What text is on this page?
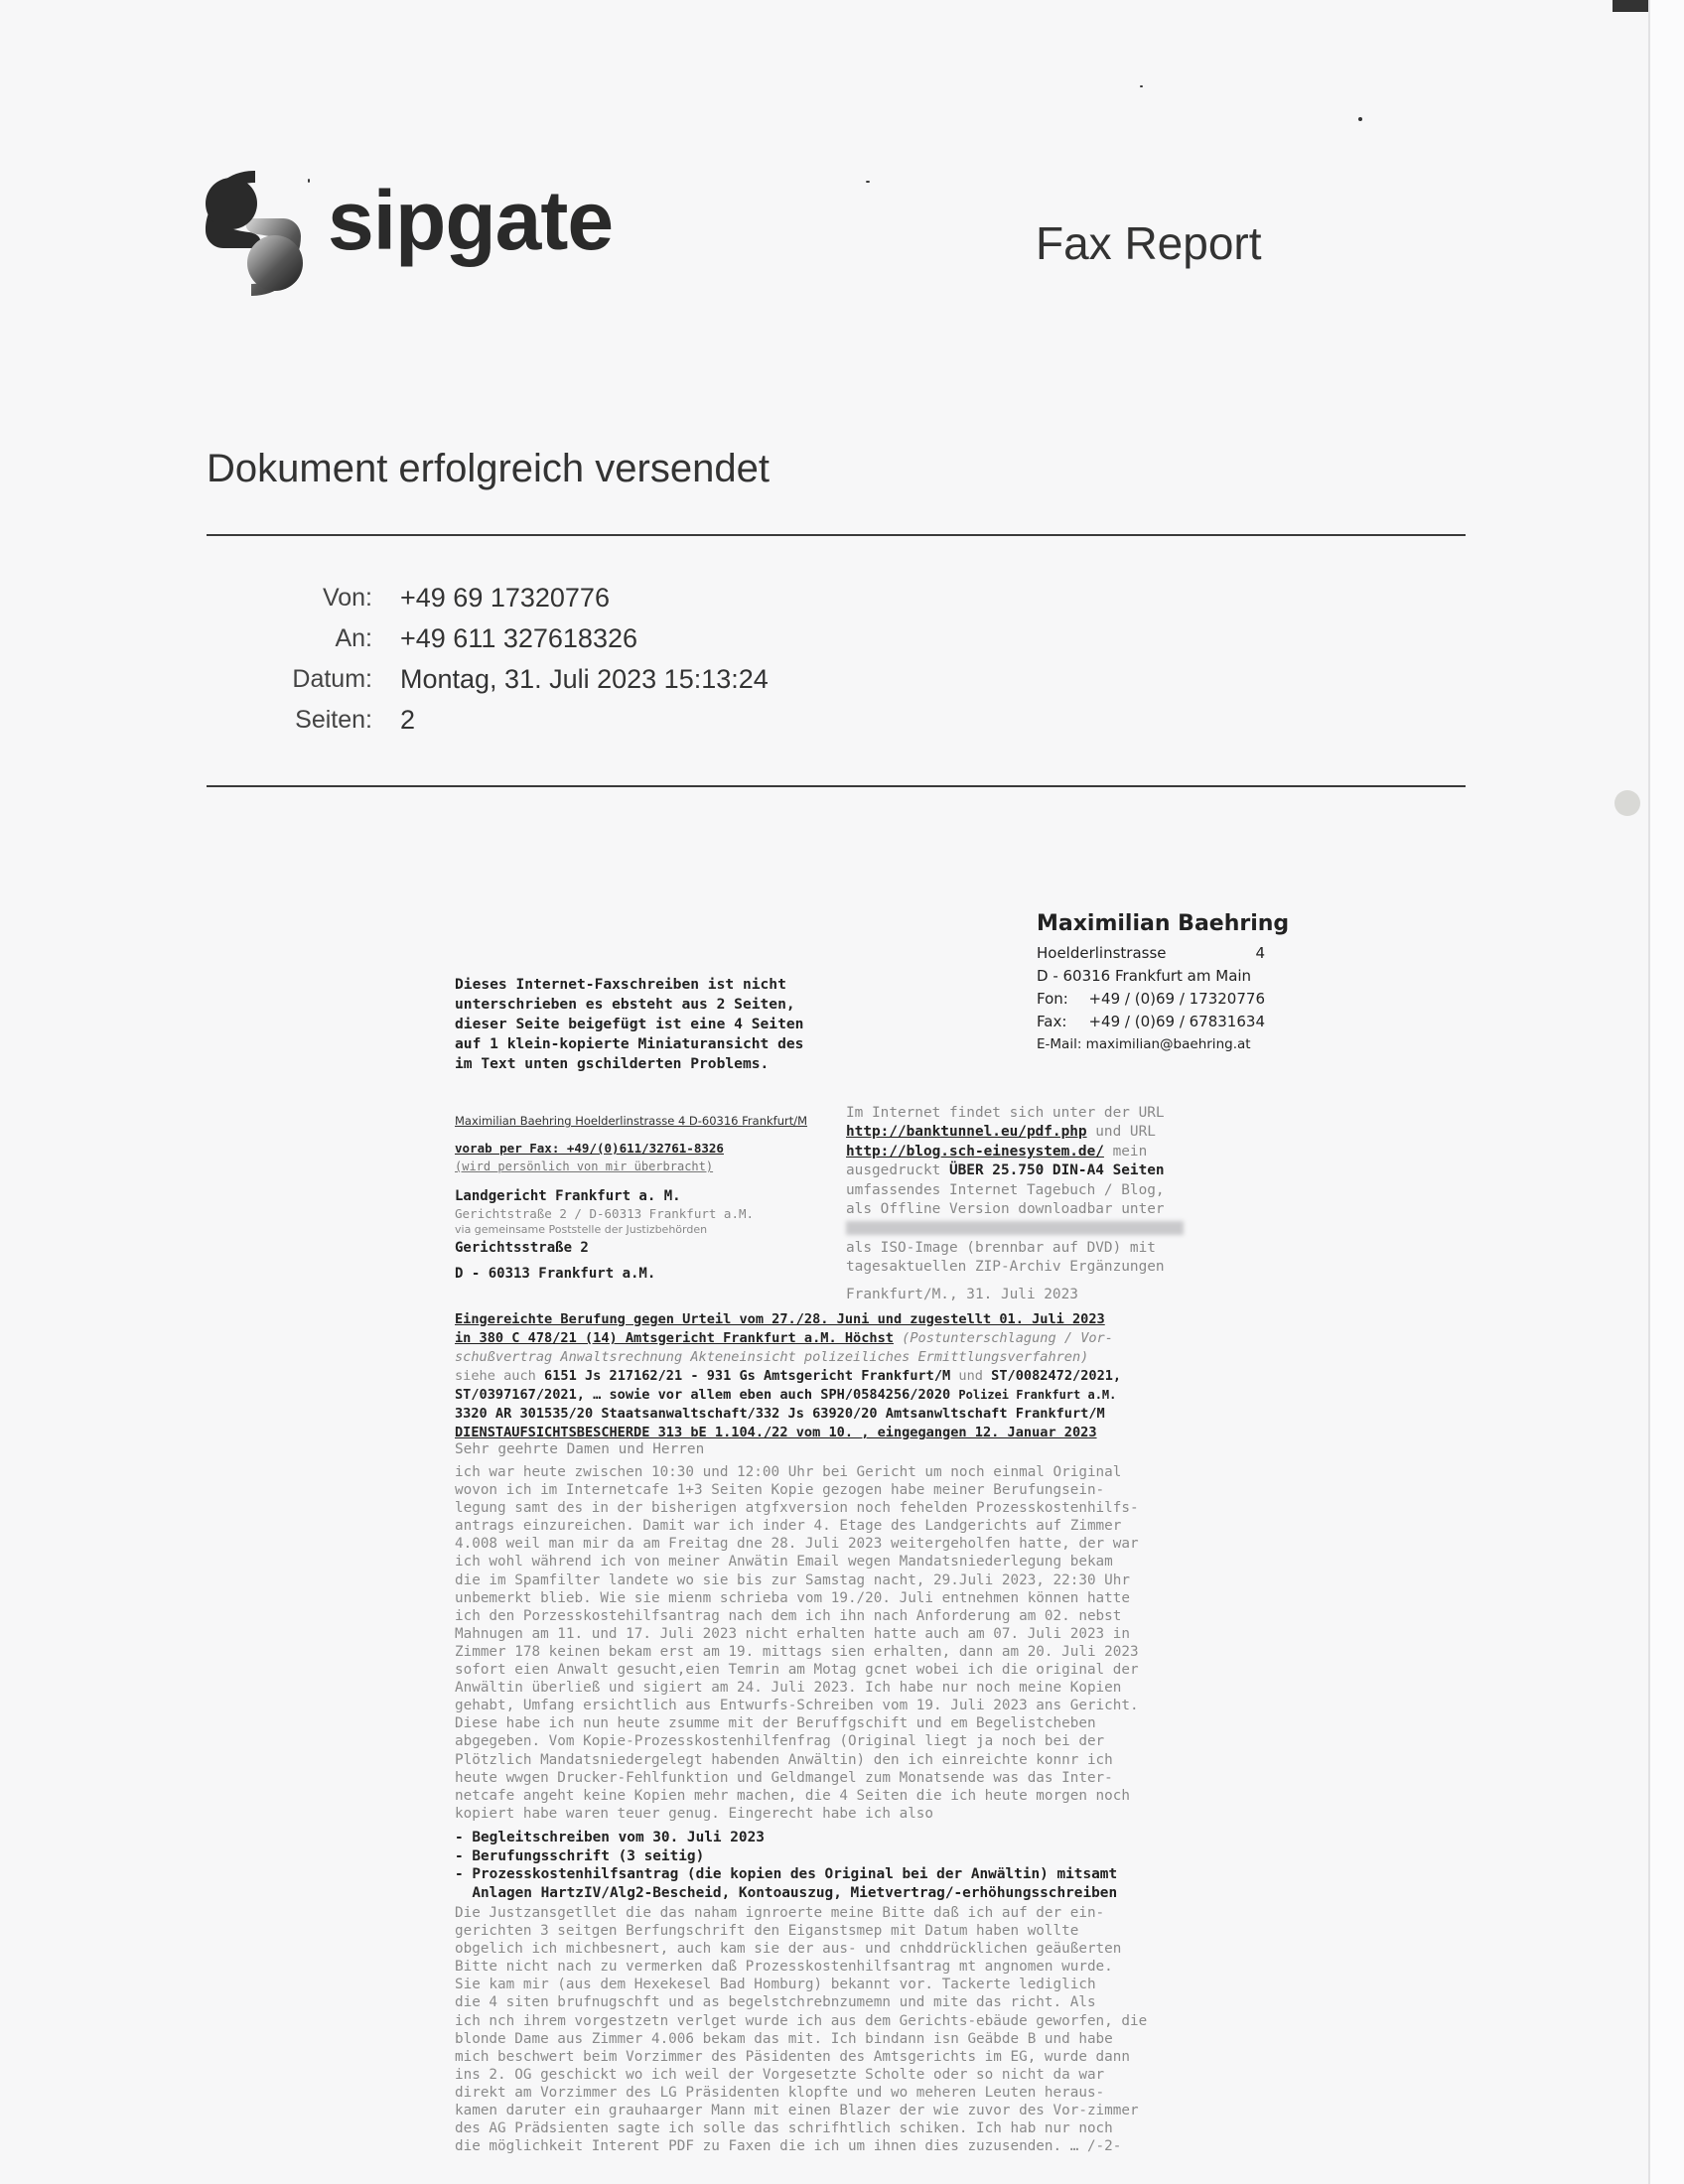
sipgate	Fax Report
Dokument erfolgreich versendet
Von: +49 69 17320776
An: +49 611 327618326
Datum: Montag, 31. Juli 2023 15:13:24
Seiten: 2
Maximilian Baehring
Hoelderlinstrasse	4
D - 60316 Frankfurt am Main
Fon: +49 / (0)69 / 17320776
Fax: +49 / (0)69 / 67831634
E-Mail: maximilian@baehring.at
Dieses Internet-Faxschreiben ist nicht
unterschrieben es ebsteht aus 2 Seiten,
dieser Seite beigefügt ist eine 4 Seiten
auf 1 klein-kopierte Miniaturansicht des
im Text unten gschilderten Problems.
Maximilian Baehring Hoelderlinstrasse 4 D-60316 Frankfurt/M
vorab per Fax: +49/(0)611/32761-8326
(wird persönlich von mir überbracht)
Landgericht Frankfurt a. M.
Gerichtstraße 2 / D-60313 Frankfurt a.M.
via gemeinsame Poststelle der Justizbehörden
Gerichtsstraße 2
D - 60313 Frankfurt a.M.
Im Internet findet sich unter der URL
http://banktunnel.eu/pdf.php und URL
http://blog.sch-einesystem.de/ mein
ausgedruckt ÜBER 25.750 DIN-A4 Seiten
umfassendes Internet Tagebuch / Blog,
als Offline Version downloadbar unter
als ISO-Image (brennbar auf DVD) mit
tagesaktuellen ZIP-Archiv Ergänzungen
Frankfurt/M., 31. Juli 2023
Eingereichte Berufung gegen Urteil vom 27./28. Juni und zugestellt 01. Juli 2023
in 380 C 478/21 (14) Amtsgericht Frankfurt a.M. Höchst (Postunterschlagung / Vor-
schußvertrag Anwaltsrechnung Akteneinsicht polizeiliches Ermittlungsverfahren)
siehe auch 6151 Js 217162/21 - 931 Gs Amtsgericht Frankfurt/M und ST/0082472/2021,
ST/0397167/2021, … sowie vor allem eben auch SPH/0584256/2020 Polizei Frankfurt a.M.
3320 AR 301535/20 Staatsanwaltschaft/332 Js 63920/20 Amtsanwltschaft Frankfurt/M
DIENSTAUFSICHTSBESCHERDE 313 bE 1.104./22 vom 10. , eingegangen 12. Januar 2023
Sehr geehrte Damen und Herren
ich war heute zwischen 10:30 und 12:00 Uhr bei Gericht um noch einmal Original
wovon ich im Internetcafe 1+3 Seiten Kopie gezogen habe meiner Berufungsein-
legung samt des in der bisherigen atgfxversion noch fehelden Prozesskostenhilfs-
antrags einzureichen. Damit war ich inder 4. Etage des Landgerichts auf Zimmer
4.008 weil man mir da am Freitag dne 28. Juli 2023 weitergeholfen hatte, der war
ich wohl während ich von meiner Anwätin Email wegen Mandatsniederlegung bekam
die im Spamfilter landete wo sie bis zur Samstag nacht, 29.Juli 2023, 22:30 Uhr
unbemerkt blieb. Wie sie mienm schrieba vom 19./20. Juli entnehmen können hatte
ich den Porzesskostehilfsantrag nach dem ich ihn nach Anforderung am 02. nebst
Mahnugen am 11. und 17. Juli 2023 nicht erhalten hatte auch am 07. Juli 2023 in
Zimmer 178 keinen bekam erst am 19. mittags sien erhalten, dann am 20. Juli 2023
sofort eien Anwalt gesucht,eien Temrin am Motag gcnet wobei ich die original der
Anwältin überließ und sigiert am 24. Juli 2023. Ich habe nur noch meine Kopien
gehabt, Umfang ersichtlich aus Entwurfs-Schreiben vom 19. Juli 2023 ans Gericht.
Diese habe ich nun heute zsumme mit der Beruffgschift und em Begelistcheben
abgegeben. Vom Kopie-Prozesskostenhilfenfrag (Original liegt ja noch bei der
Plötzlich Mandatsniedergelegt habenden Anwältin) den ich einreichte konnr ich
heute wwgen Drucker-Fehlfunktion und Geldmangel zum Monatsende was das Inter-
netcafe angeht keine Kopien mehr machen, die 4 Seiten die ich heute morgen noch
kopiert habe waren teuer genug. Eingerecht habe ich also
- Begleitschreiben vom 30. Juli 2023
- Berufungsschrift (3 seitig)
- Prozesskostenhilfsantrag (die kopien des Original bei der Anwältin) mitsamt
Anlagen HartzIV/Alg2-Bescheid, Kontoauszug, Mietvertrag/-erhöhungsschreiben
Die Justzansgetllet die das naham ignroerte meine Bitte daß ich auf der ein-
gerichten 3 seitgen Berfungschrift den Eiganstsmep mit Datum haben wollte
obgelich ich michbesnert, auch kam sie der aus- und cnhddrücklichen geäußerten
Bitte nicht nach zu vermerken daß Prozesskostenhilfsantrag mt angnomen wurde.
Sie kam mir (aus dem Hexekesel Bad Homburg) bekannt vor. Tackerte lediglich
die 4 siten brufnugschft und as begelstchrebnzumemn und mite das richt. Als
ich nch ihrem vorgestzetn verlget wurde ich aus dem Gerichts-ebäude geworfen, die
blonde Dame aus Zimmer 4.006 bekam das mit. Ich bindann isn Geäbde B und habe
mich beschwert beim Vorzimmer des Päsidenten des Amtsgerichts im EG, wurde dann
ins 2. OG geschickt wo ich weil der Vorgesetzte Scholte oder so nicht da war
direkt am Vorzimmer des LG Präsidenten klopfte und wo meheren Leuten heraus-
kamen daruter ein grauhaarger Mann mit einen Blazer der wie zuvor des Vor-zimmer
des AG Prädsienten sagte ich solle das schrifhtlich schiken. Ich hab nur noch
die möglichkeit Interent PDF zu Faxen die ich um ihnen dies zuzusenden. … /-2-
